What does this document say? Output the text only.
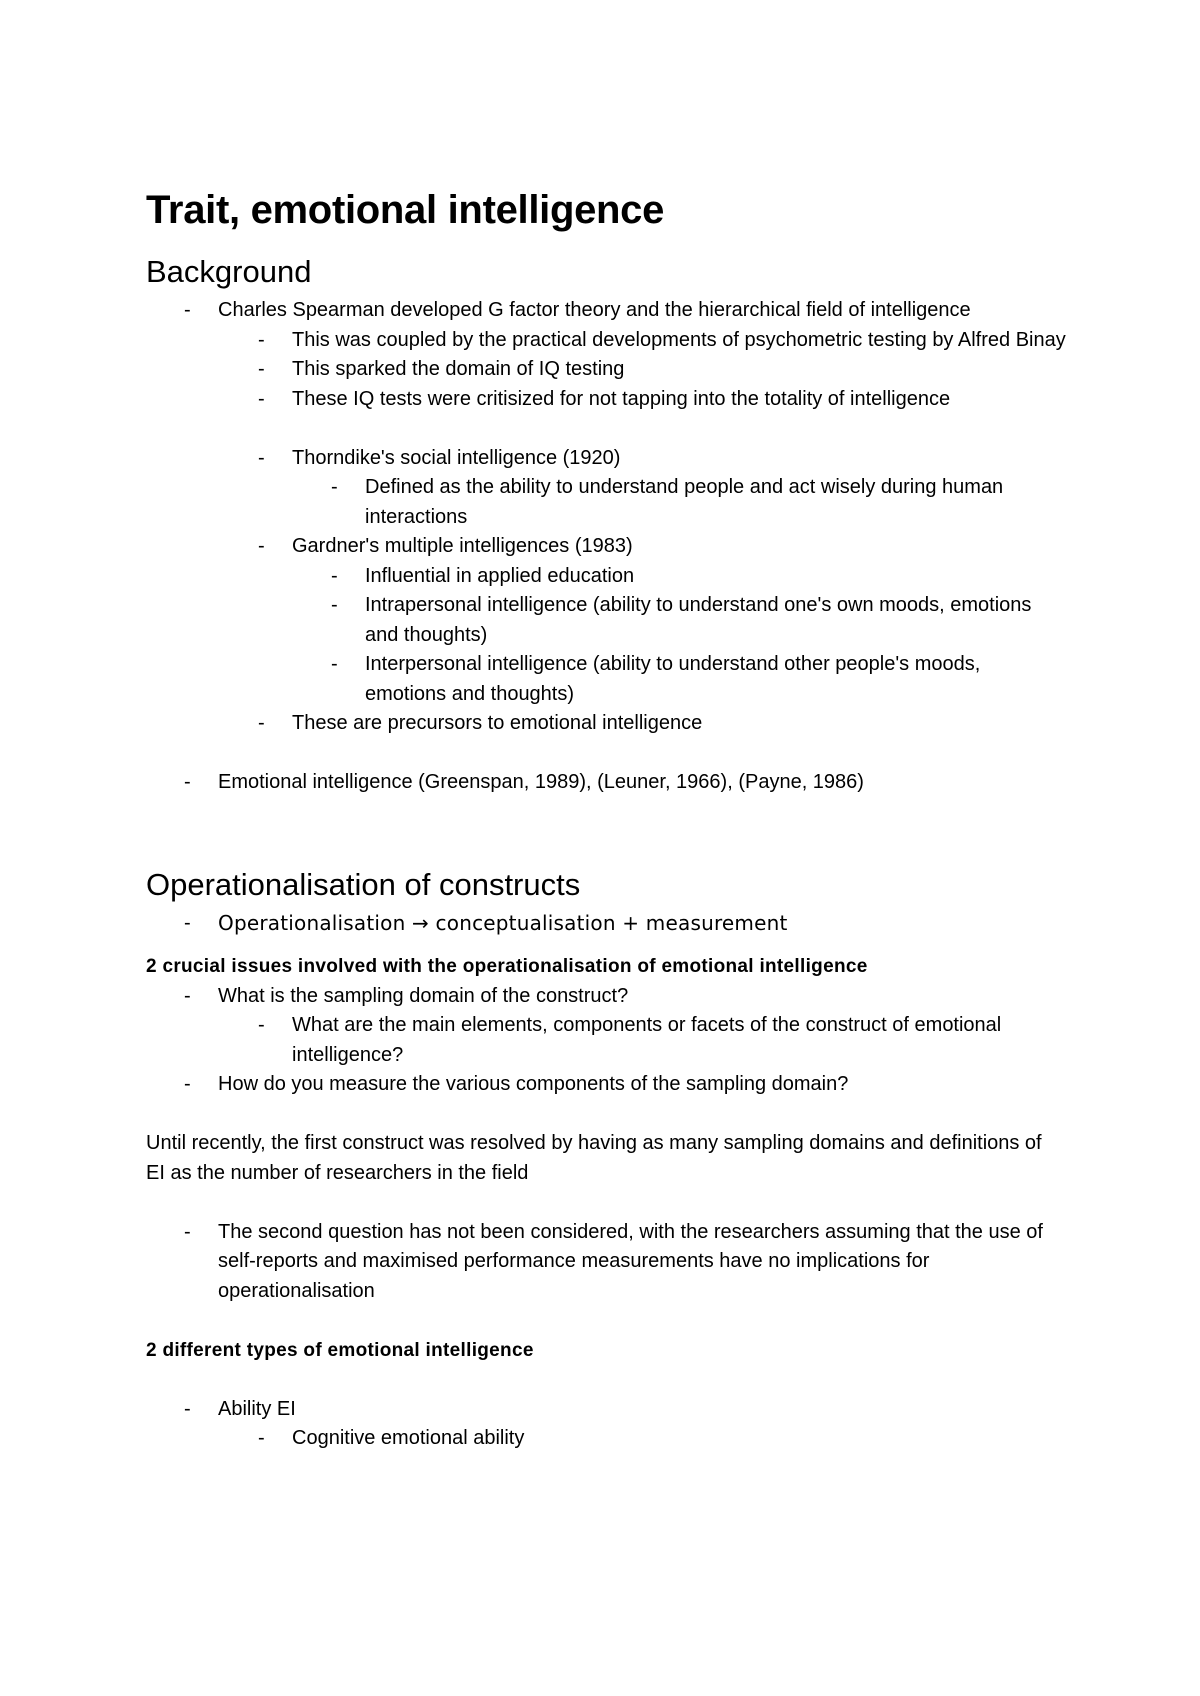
Trait, emotional intelligence
Background
-	Charles Spearman developed G factor theory and the hierarchical field of intelligence
-	This was coupled by the practical developments of psychometric testing by Alfred Binay
-	This sparked the domain of IQ testing
-	These IQ tests were critisized for not tapping into the totality of intelligence
-	Thorndike's social intelligence (1920)
-	Defined as the ability to understand people and act wisely during human interactions
-	Gardner's multiple intelligences (1983)
-	Influential in applied education
-	Intrapersonal intelligence (ability to understand one's own moods, emotions and thoughts)
-	Interpersonal intelligence (ability to understand other people's moods, emotions and thoughts)
-	These are precursors to emotional intelligence
-	Emotional intelligence (Greenspan, 1989), (Leuner, 1966), (Payne, 1986)
Operationalisation of constructs
-	Operationalisation → conceptualisation + measurement
2 crucial issues involved with the operationalisation of emotional intelligence
-	What is the sampling domain of the construct?
-	What are the main elements, components or facets of the construct of emotional intelligence?
-	How do you measure the various components of the sampling domain?
Until recently, the first construct was resolved by having as many sampling domains and definitions of EI as the number of researchers in the field
-	The second question has not been considered, with the researchers assuming that the use of self-reports and maximised performance measurements have no implications for operationalisation
2 different types of emotional intelligence
-	Ability EI
-	Cognitive emotional ability
